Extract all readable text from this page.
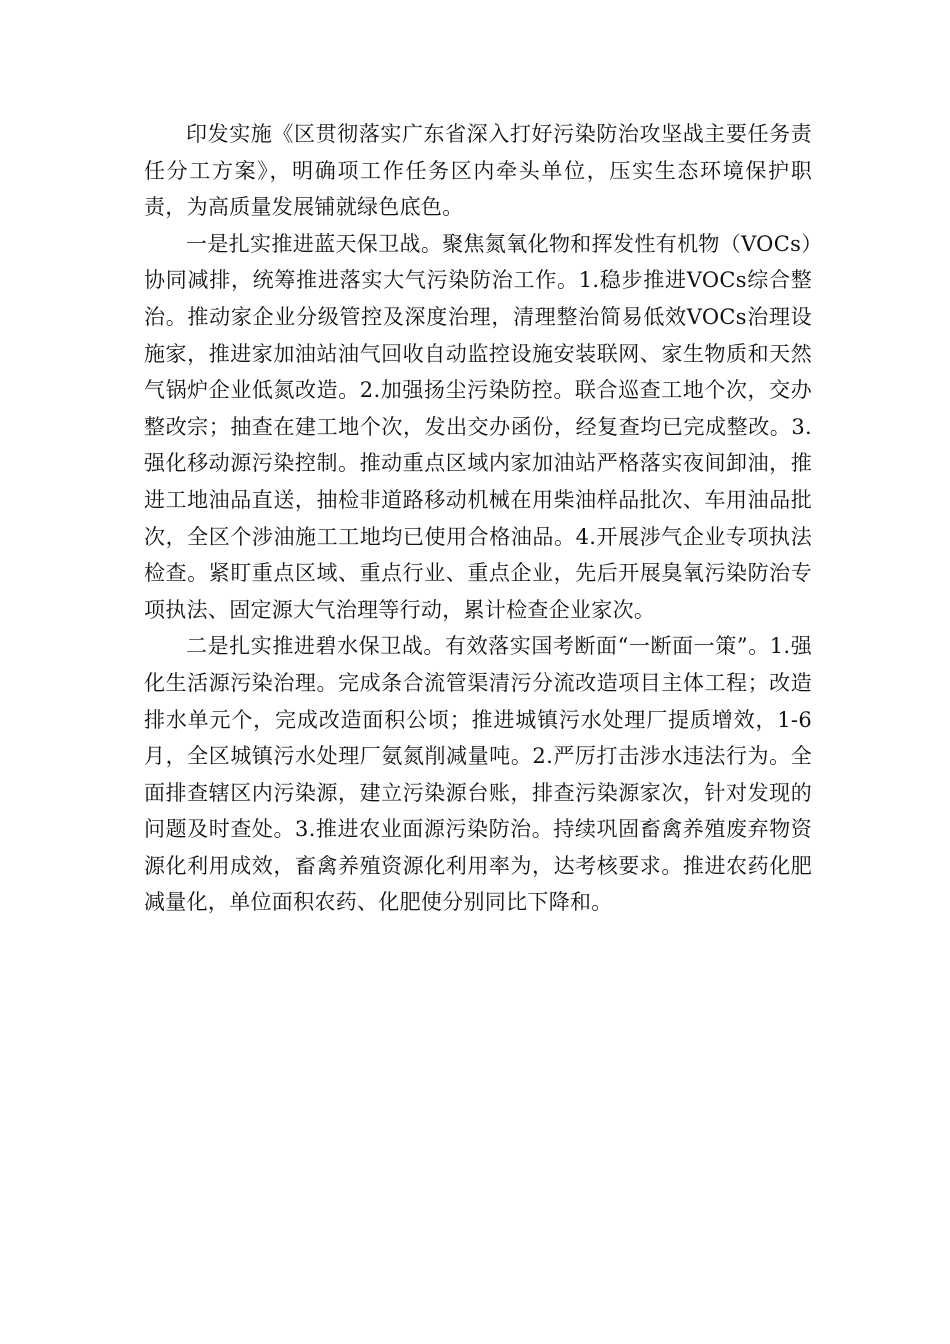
印发实施《区贯彻落实广东省深入打好污染防治攻坚战主要任务责任分工方案》，明确项工作任务区内牵头单位，压实生态环境保护职责，为高质量发展铺就绿色底色。

一是扎实推进蓝天保卫战。聚焦氮氧化物和挥发性有机物（VOCs）协同减排，统筹推进落实大气污染防治工作。1.稳步推进VOCs综合整治。推动家企业分级管控及深度治理，清理整治简易低效VOCs治理设施家，推进家加油站油气回收自动监控设施安装联网、家生物质和天然气锅炉企业低氮改造。2.加强扬尘污染防控。联合巡查工地个次，交办整改宗；抽查在建工地个次，发出交办函份，经复查均已完成整改。3.强化移动源污染控制。推动重点区域内家加油站严格落实夜间卸油，推进工地油品直送，抽检非道路移动机械在用柴油样品批次、车用油品批次，全区个涉油施工工地均已使用合格油品。4.开展涉气企业专项执法检查。紧盯重点区域、重点行业、重点企业，先后开展臭氧污染防治专项执法、固定源大气治理等行动，累计检查企业家次。

二是扎实推进碧水保卫战。有效落实国考断面“一断面一策”。1.强化生活源污染治理。完成条合流管渠清污分流改造项目主体工程；改造排水单元个，完成改造面积公顷；推进城镇污水处理厂提质增效，1-6月，全区城镇污水处理厂氨氮削减量吨。2.严厉打击涉水违法行为。全面排查辖区内污染源，建立污染源台账，排查污染源家次，针对发现的问题及时查处。3.推进农业面源污染防治。持续巩固畜禽养殖废弃物资源化利用成效，畜禽养殖资源化利用率为，达考核要求。推进农药化肥减量化，单位面积农药、化肥使分别同比下降和。
